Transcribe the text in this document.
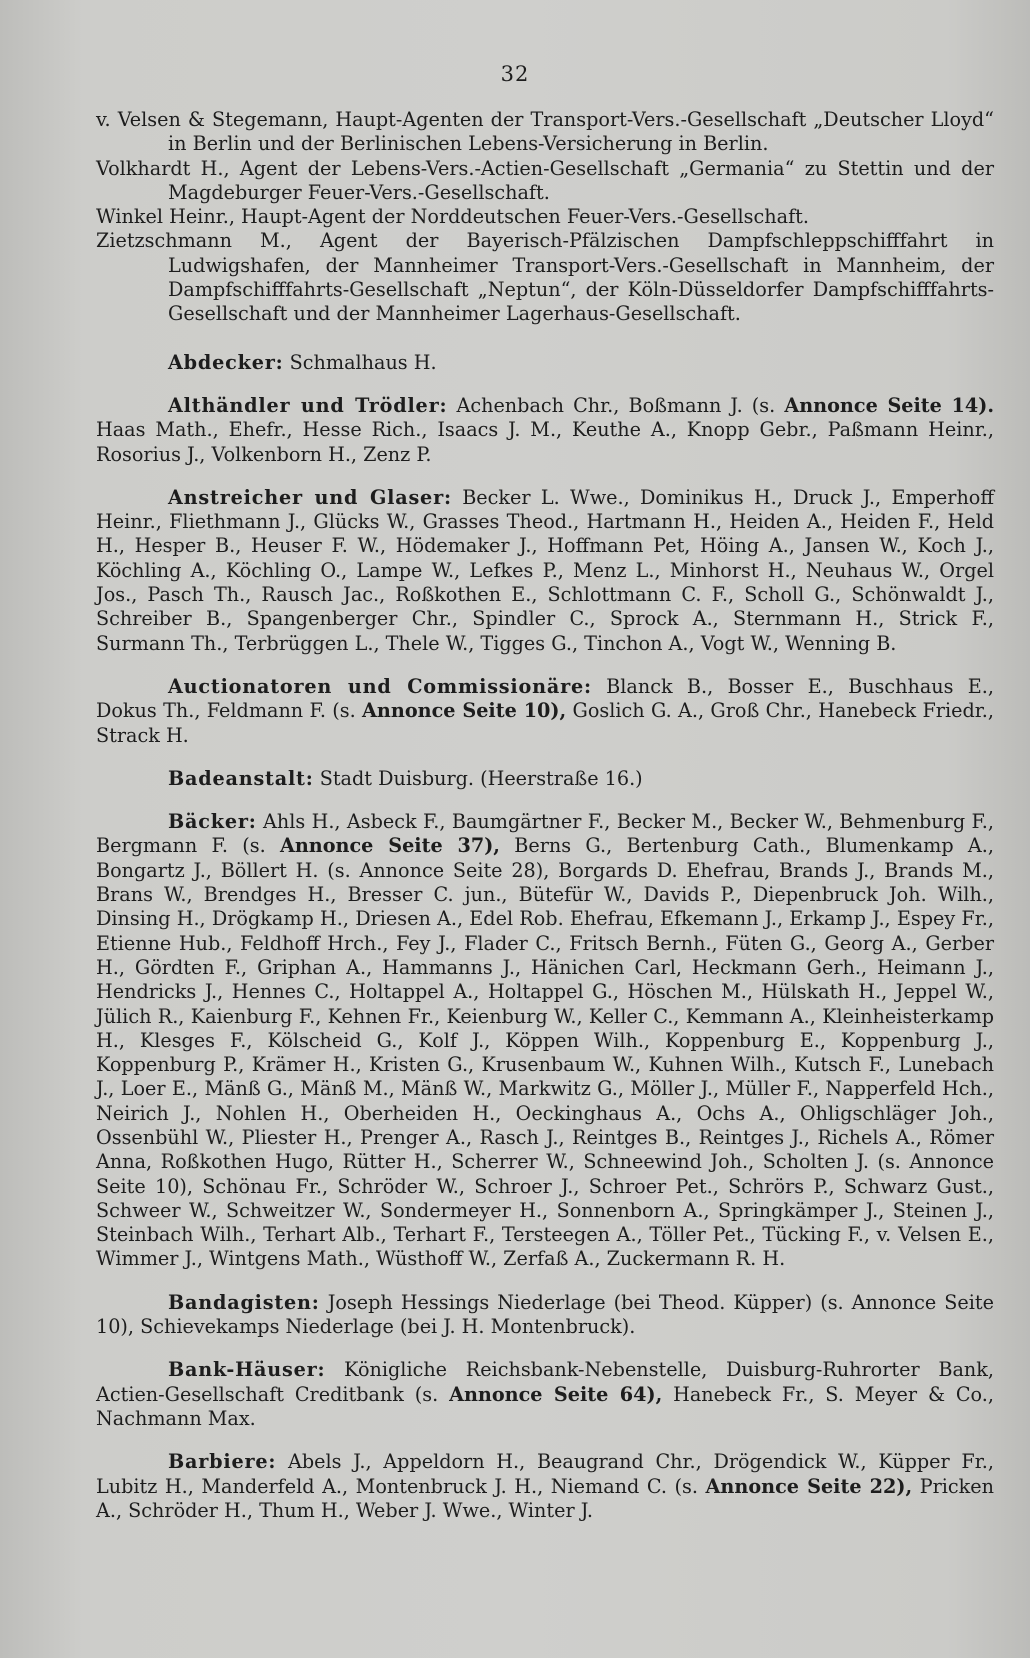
32

v. Velsen & Stegemann, Haupt-Agenten der Transport-Vers.-Gesellschaft „Deutscher Lloyd“ in Berlin und der Berlinischen Lebens-Versicherung in Berlin.

Volkhardt H., Agent der Lebens-Vers.-Actien-Gesellschaft „Germania“ zu Stettin und der Magdeburger Feuer-Vers.-Gesellschaft.

Winkel Heinr., Haupt-Agent der Norddeutschen Feuer-Vers.-Gesellschaft.

Zietzschmann M., Agent der Bayerisch-Pfälzischen Dampfschleppschifffahrt in Ludwigshafen, der Mannheimer Transport-Vers.-Gesellschaft in Mannheim, der Dampfschifffahrts-Gesellschaft „Neptun“, der Köln-Düsseldorfer Dampfschifffahrts-Gesellschaft und der Mannheimer Lagerhaus-Gesellschaft.

Abdecker: Schmalhaus H.

Althändler und Trödler: Achenbach Chr., Boßmann J. (s. Annonce Seite 14). Haas Math., Ehefr., Hesse Rich., Isaacs J. M., Keuthe A., Knopp Gebr., Paßmann Heinr., Rosorius J., Volkenborn H., Zenz P.

Anstreicher und Glaser: Becker L. Wwe., Dominikus H., Druck J., Emperhoff Heinr., Fliethmann J., Glücks W., Grasses Theod., Hartmann H., Heiden A., Heiden F., Held H., Hesper B., Heuser F. W., Hödemaker J., Hoffmann Pet, Höing A., Jansen W., Koch J., Köchling A., Köchling O., Lampe W., Lefkes P., Menz L., Minhorst H., Neuhaus W., Orgel Jos., Pasch Th., Rausch Jac., Roßkothen E., Schlottmann C. F., Scholl G., Schönwaldt J., Schreiber B., Spangenberger Chr., Spindler C., Sprock A., Sternmann H., Strick F., Surmann Th., Terbrüggen L., Thele W., Tigges G., Tinchon A., Vogt W., Wenning B.

Auctionatoren und Commissionäre: Blanck B., Bosser E., Buschhaus E., Dokus Th., Feldmann F. (s. Annonce Seite 10), Goslich G. A., Groß Chr., Hanebeck Friedr., Strack H.

Badeanstalt: Stadt Duisburg. (Heerstraße 16.)

Bäcker: Ahls H., Asbeck F., Baumgärtner F., Becker M., Becker W., Behmenburg F., Bergmann F. (s. Annonce Seite 37), Berns G., Bertenburg Cath., Blumenkamp A., Bongartz J., Böllert H. (s. Annonce Seite 28), Borgards D. Ehefrau, Brands J., Brands M., Brans W., Brendges H., Bresser C. jun., Bütefür W., Davids P., Diepenbruck Joh. Wilh., Dinsing H., Drögkamp H., Driesen A., Edel Rob. Ehefrau, Efkemann J., Erkamp J., Espey Fr., Etienne Hub., Feldhoff Hrch., Fey J., Flader C., Fritsch Bernh., Füten G., Georg A., Gerber H., Gördten F., Griphan A., Hammanns J., Hänichen Carl, Heckmann Gerh., Heimann J., Hendricks J., Hennes C., Holtappel A., Holtappel G., Höschen M., Hülskath H., Jeppel W., Jülich R., Kaienburg F., Kehnen Fr., Keienburg W., Keller C., Kemmann A., Kleinheisterkamp H., Klesges F., Kölscheid G., Kolf J., Köppen Wilh., Koppenburg E., Koppenburg J., Koppenburg P., Krämer H., Kristen G., Krusenbaum W., Kuhnen Wilh., Kutsch F., Lunebach J., Loer E., Mänß G., Mänß M., Mänß W., Markwitz G., Möller J., Müller F., Napperfeld Hch., Neirich J., Nohlen H., Oberheiden H., Oeckinghaus A., Ochs A., Ohligschläger Joh., Ossenbühl W., Pliester H., Prenger A., Rasch J., Reintges B., Reintges J., Richels A., Römer Anna, Roßkothen Hugo, Rütter H., Scherrer W., Schneewind Joh., Scholten J. (s. Annonce Seite 10), Schönau Fr., Schröder W., Schroer J., Schroer Pet., Schrörs P., Schwarz Gust., Schweer W., Schweitzer W., Sondermeyer H., Sonnenborn A., Springkämper J., Steinen J., Steinbach Wilh., Terhart Alb., Terhart F., Tersteegen A., Töller Pet., Tücking F., v. Velsen E., Wimmer J., Wintgens Math., Wüsthoff W., Zerfaß A., Zuckermann R. H.

Bandagisten: Joseph Hessings Niederlage (bei Theod. Küpper) (s. Annonce Seite 10), Schievekamps Niederlage (bei J. H. Montenbruck).

Bank-Häuser: Königliche Reichsbank-Nebenstelle, Duisburg-Ruhrorter Bank, Actien-Gesellschaft Creditbank (s. Annonce Seite 64), Hanebeck Fr., S. Meyer & Co., Nachmann Max.

Barbiere: Abels J., Appeldorn H., Beaugrand Chr., Drögendick W., Küpper Fr., Lubitz H., Manderfeld A., Montenbruck J. H., Niemand C. (s. Annonce Seite 22), Pricken A., Schröder H., Thum H., Weber J. Wwe., Winter J.
